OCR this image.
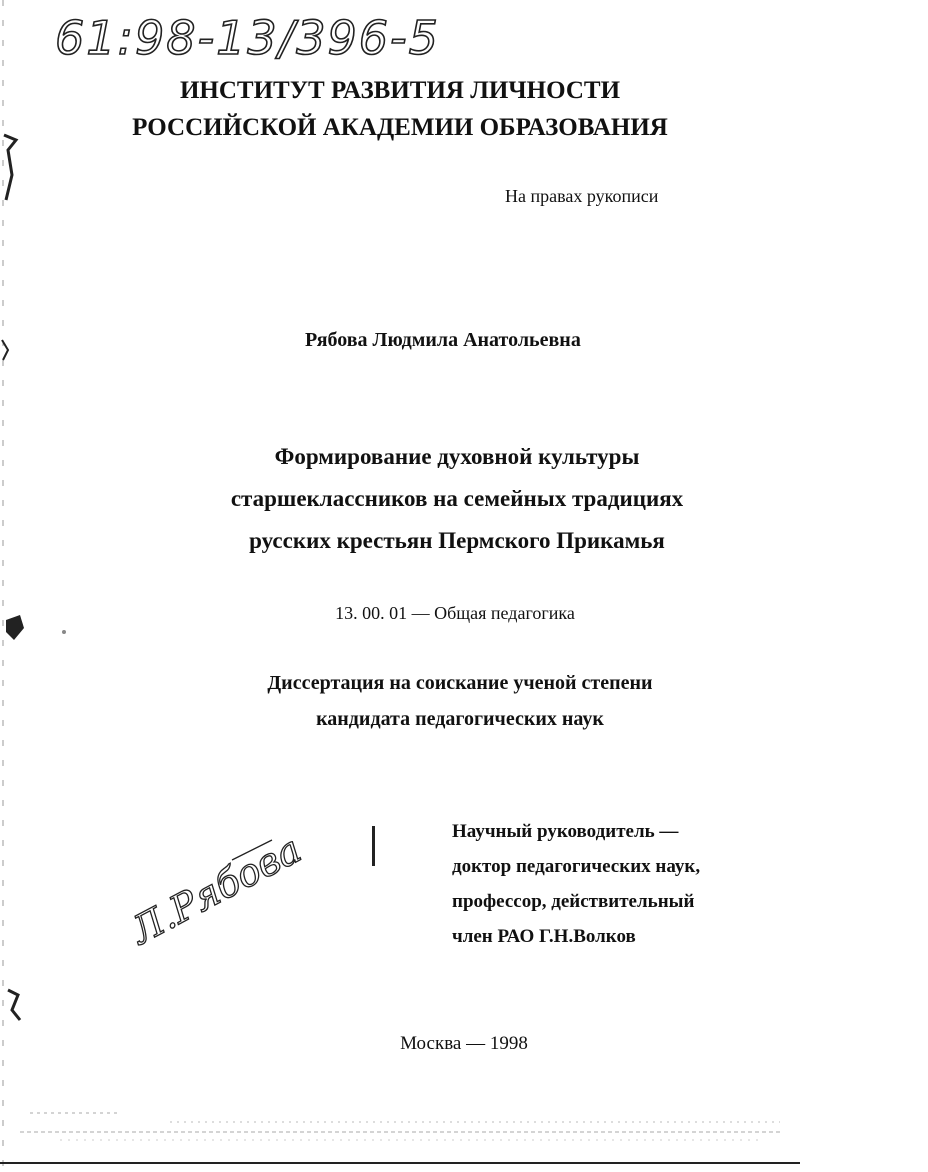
61:98-13/396-5
ИНСТИТУТ РАЗВИТИЯ ЛИЧНОСТИ
РОССИЙСКОЙ АКАДЕМИИ ОБРАЗОВАНИЯ
На правах рукописи
Рябова Людмила Анатольевна
Формирование духовной культуры
старшеклассников на семейных традициях
русских крестьян Пермского Прикамья
13. 00. 01 — Общая педагогика
Диссертация на соискание ученой степени
кандидата педагогических наук
Научный руководитель —
доктор педагогических наук,
профессор, действительный
член РАО Г.Н.Волков
Л.Рябова
Москва — 1998
